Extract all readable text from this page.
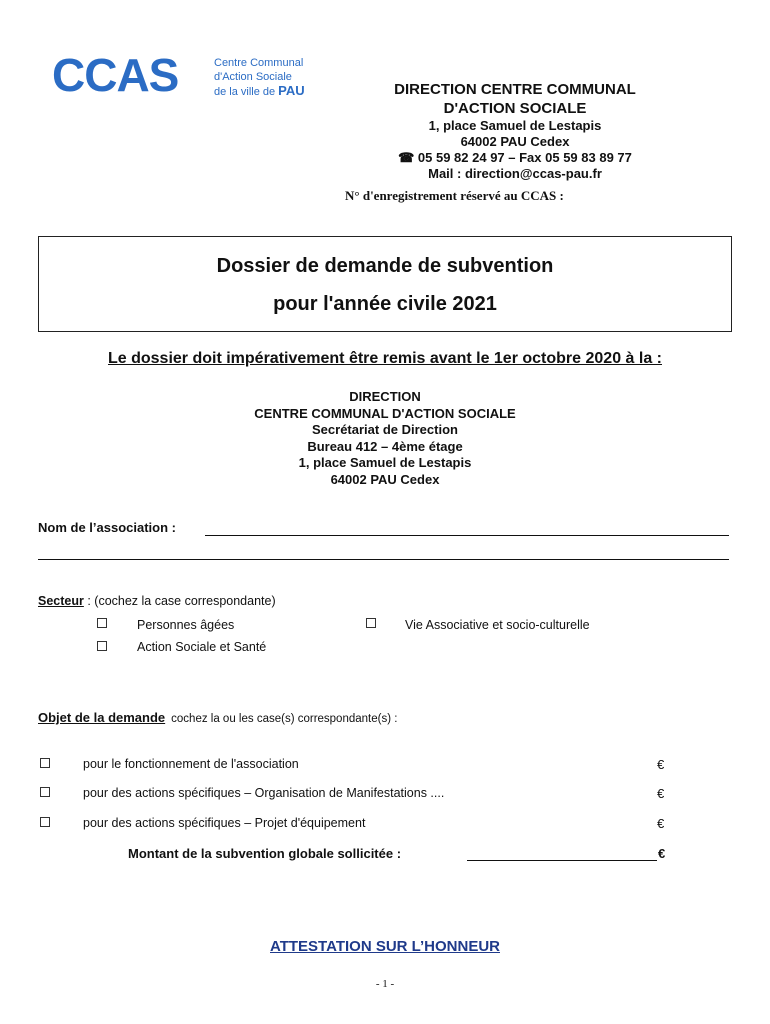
CCAS	Centre Communal
d'Action Sociale
de la ville de PAU	DIRECTION CENTRE COMMUNAL
D'ACTION SOCIALE
1, place Samuel de Lestapis
64002 PAU Cedex
☎ 05 59 82 24 97 – Fax 05 59 83 89 77
Mail : direction@ccas-pau.fr
N° d'enregistrement réservé au CCAS :
Dossier de demande de subvention
pour l'année civile 2021
Le dossier doit impérativement être remis avant le 1er octobre 2020 à la :
DIRECTION
CENTRE COMMUNAL D'ACTION SOCIALE
Secrétariat de Direction
Bureau 412 – 4ème étage
1, place Samuel de Lestapis
64002 PAU Cedex
Nom de l’association :
Secteur : (cochez la case correspondante)
Personnes âgées	Vie Associative et socio-culturelle
Action Sociale et Santé
Objet de la demande cochez la ou les case(s) correspondante(s) :
pour le fonctionnement de l'association	€
pour des actions spécifiques – Organisation de Manifestations ....	€
pour des actions spécifiques – Projet d'équipement	€
Montant de la subvention globale sollicitée :	€
ATTESTATION SUR L’HONNEUR
- 1 -
